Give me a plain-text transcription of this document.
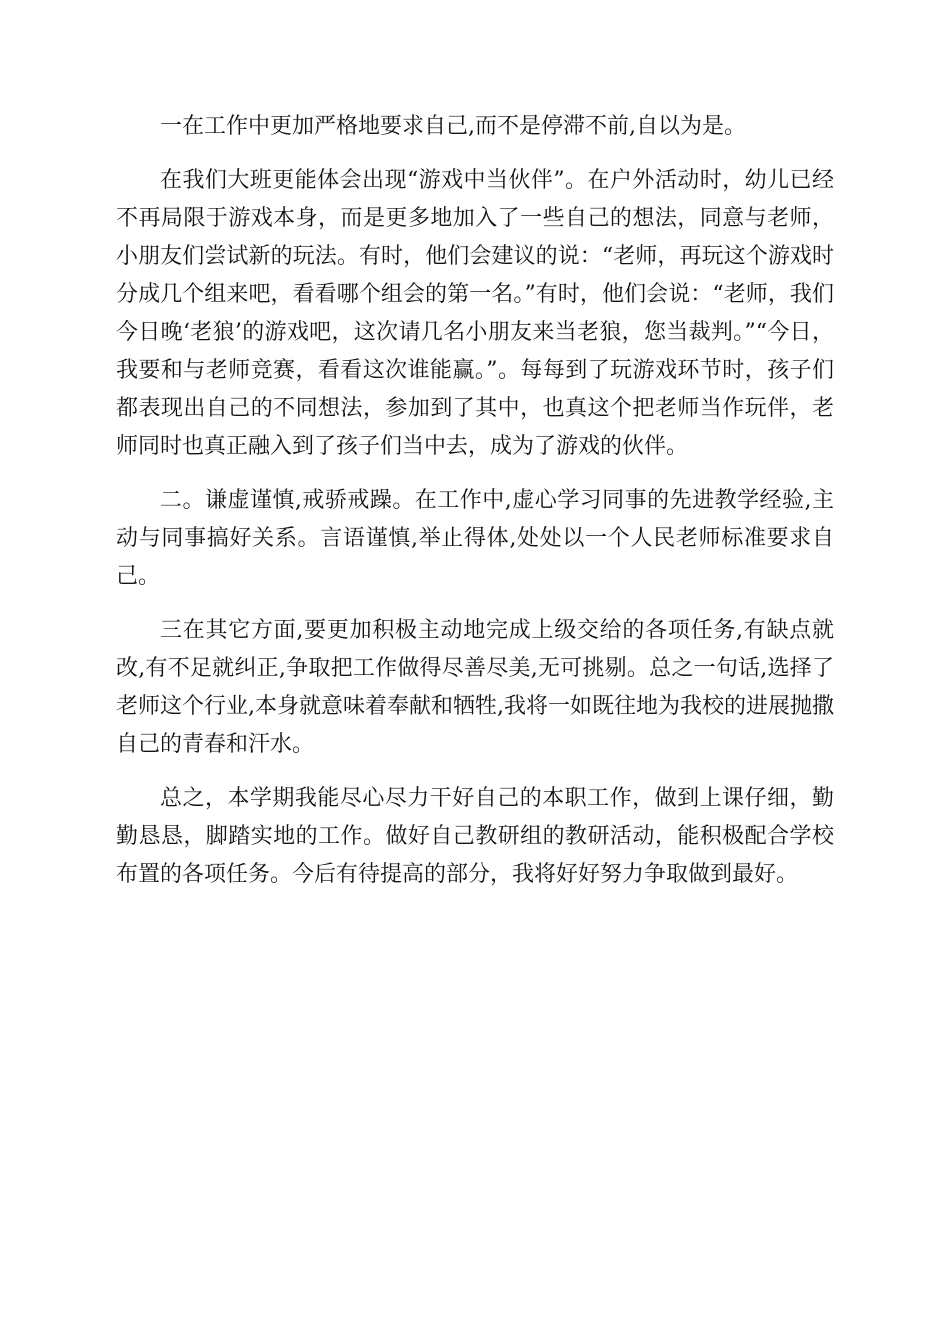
一在工作中更加严格地要求自己,而不是停滞不前,自以为是。

在我们大班更能体会出现“游戏中当伙伴”。在户外活动时，幼儿已经不再局限于游戏本身，而是更多地加入了一些自己的想法，同意与老师，小朋友们尝试新的玩法。有时，他们会建议的说：“老师，再玩这个游戏时分成几个组来吧，看看哪个组会的第一名。”有时，他们会说：“老师，我们今日晚‘老狼’的游戏吧，这次请几名小朋友来当老狼，您当裁判。”“今日，我要和与老师竞赛，看看这次谁能赢。”。每每到了玩游戏环节时，孩子们都表现出自己的不同想法，参加到了其中，也真这个把老师当作玩伴，老师同时也真正融入到了孩子们当中去，成为了游戏的伙伴。

二。谦虚谨慎,戒骄戒躁。在工作中,虚心学习同事的先进教学经验,主动与同事搞好关系。言语谨慎,举止得体,处处以一个人民老师标准要求自己。

三在其它方面,要更加积极主动地完成上级交给的各项任务,有缺点就改,有不足就纠正,争取把工作做得尽善尽美,无可挑剔。总之一句话,选择了老师这个行业,本身就意味着奉献和牺牲,我将一如既往地为我校的进展抛撒自己的青春和汗水。

总之，本学期我能尽心尽力干好自己的本职工作，做到上课仔细，勤勤恳恳，脚踏实地的工作。做好自己教研组的教研活动，能积极配合学校布置的各项任务。今后有待提高的部分，我将好好努力争取做到最好。
